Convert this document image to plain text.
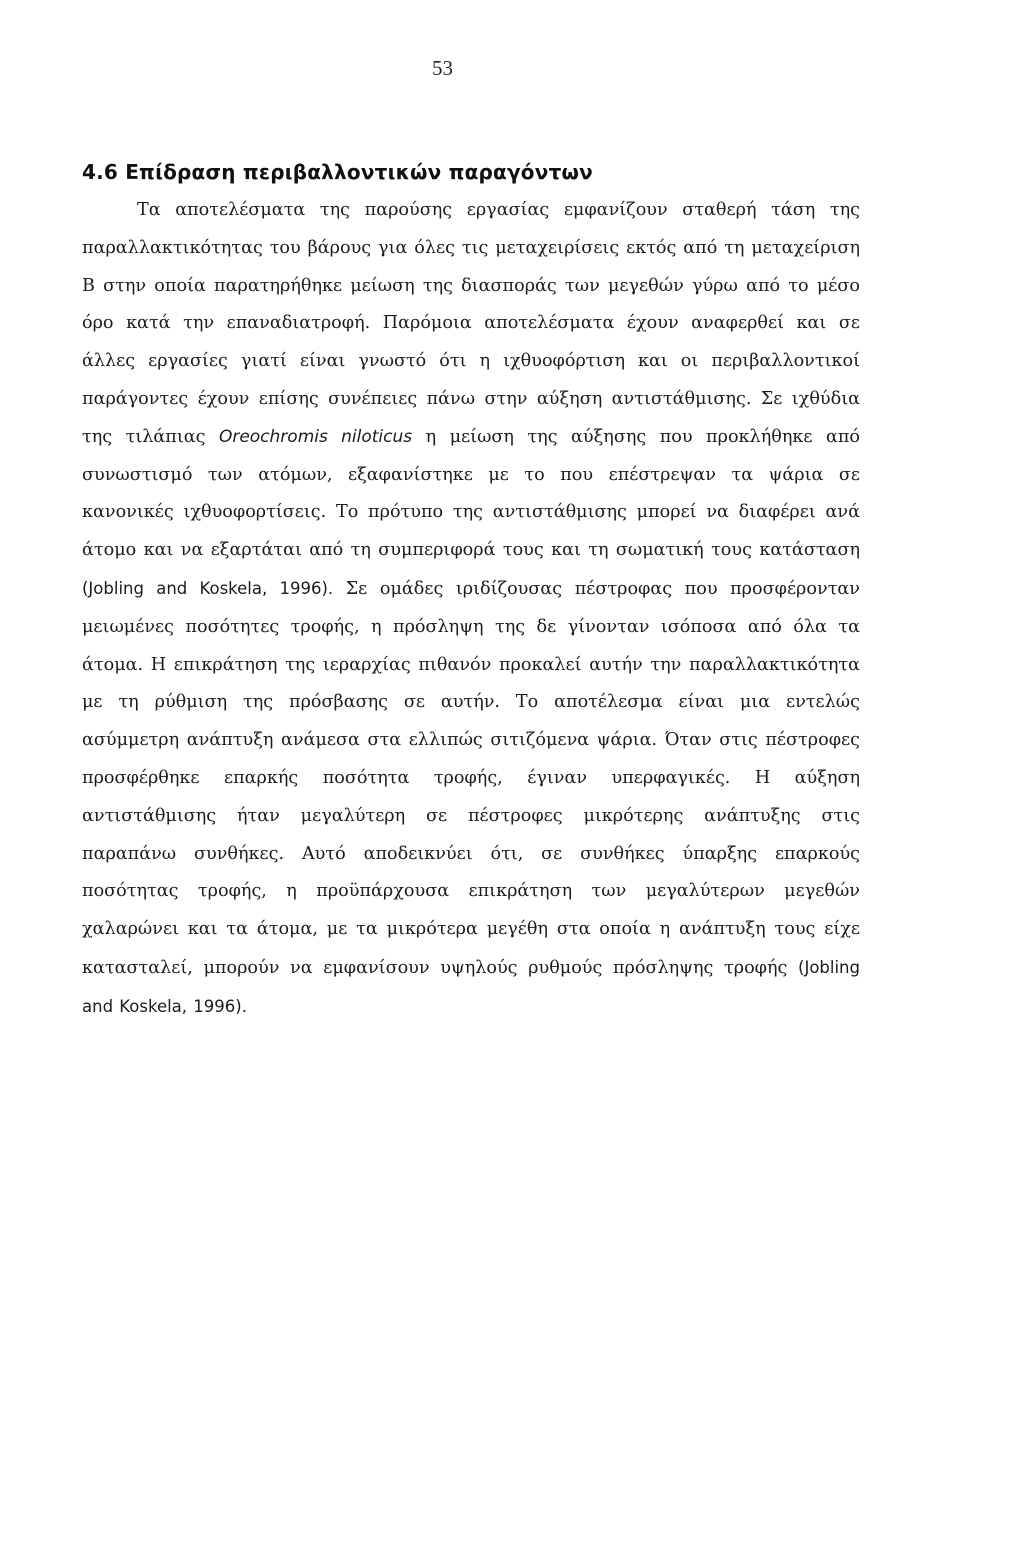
53
4.6 Επίδραση περιβαλλοντικών παραγόντων

Τα αποτελέσματα της παρούσης εργασίας εμφανίζουν σταθερή τάση της παραλλακτικότητας του βάρους για όλες τις μεταχειρίσεις εκτός από τη μεταχείριση Β στην οποία παρατηρήθηκε μείωση της διασποράς των μεγεθών γύρω από το μέσο όρο κατά την επαναδιατροφή. Παρόμοια αποτελέσματα έχουν αναφερθεί και σε άλλες εργασίες γιατί είναι γνωστό ότι η ιχθυοφόρτιση και οι περιβαλλοντικοί παράγοντες έχουν επίσης συνέπειες πάνω στην αύξηση αντιστάθμισης. Σε ιχθύδια της τιλάπιας Oreochromis niloticus η μείωση της αύξησης που προκλήθηκε από συνωστισμό των ατόμων, εξαφανίστηκε με το που επέστρεψαν τα ψάρια σε κανονικές ιχθυοφορτίσεις. Το πρότυπο της αντιστάθμισης μπορεί να διαφέρει ανά άτομο και να εξαρτάται από τη συμπεριφορά τους και τη σωματική τους κατάσταση (Jobling and Koskela, 1996). Σε ομάδες ιριδίζουσας πέστροφας που προσφέρονταν μειωμένες ποσότητες τροφής, η πρόσληψη της δε γίνονταν ισόποσα από όλα τα άτομα. Η επικράτηση της ιεραρχίας πιθανόν προκαλεί αυτήν την παραλλακτικότητα με τη ρύθμιση της πρόσβασης σε αυτήν. Το αποτέλεσμα είναι μια εντελώς ασύμμετρη ανάπτυξη ανάμεσα στα ελλιπώς σιτιζόμενα ψάρια. Όταν στις πέστροφες προσφέρθηκε επαρκής ποσότητα τροφής, έγιναν υπερφαγικές. Η αύξηση αντιστάθμισης ήταν μεγαλύτερη σε πέστροφες μικρότερης ανάπτυξης στις παραπάνω συνθήκες. Αυτό αποδεικνύει ότι, σε συνθήκες ύπαρξης επαρκούς ποσότητας τροφής, η προϋπάρχουσα επικράτηση των μεγαλύτερων μεγεθών χαλαρώνει και τα άτομα, με τα μικρότερα μεγέθη στα οποία η ανάπτυξη τους είχε κατασταλεί, μπορούν να εμφανίσουν υψηλούς ρυθμούς πρόσληψης τροφής (Jobling and Koskela, 1996).
